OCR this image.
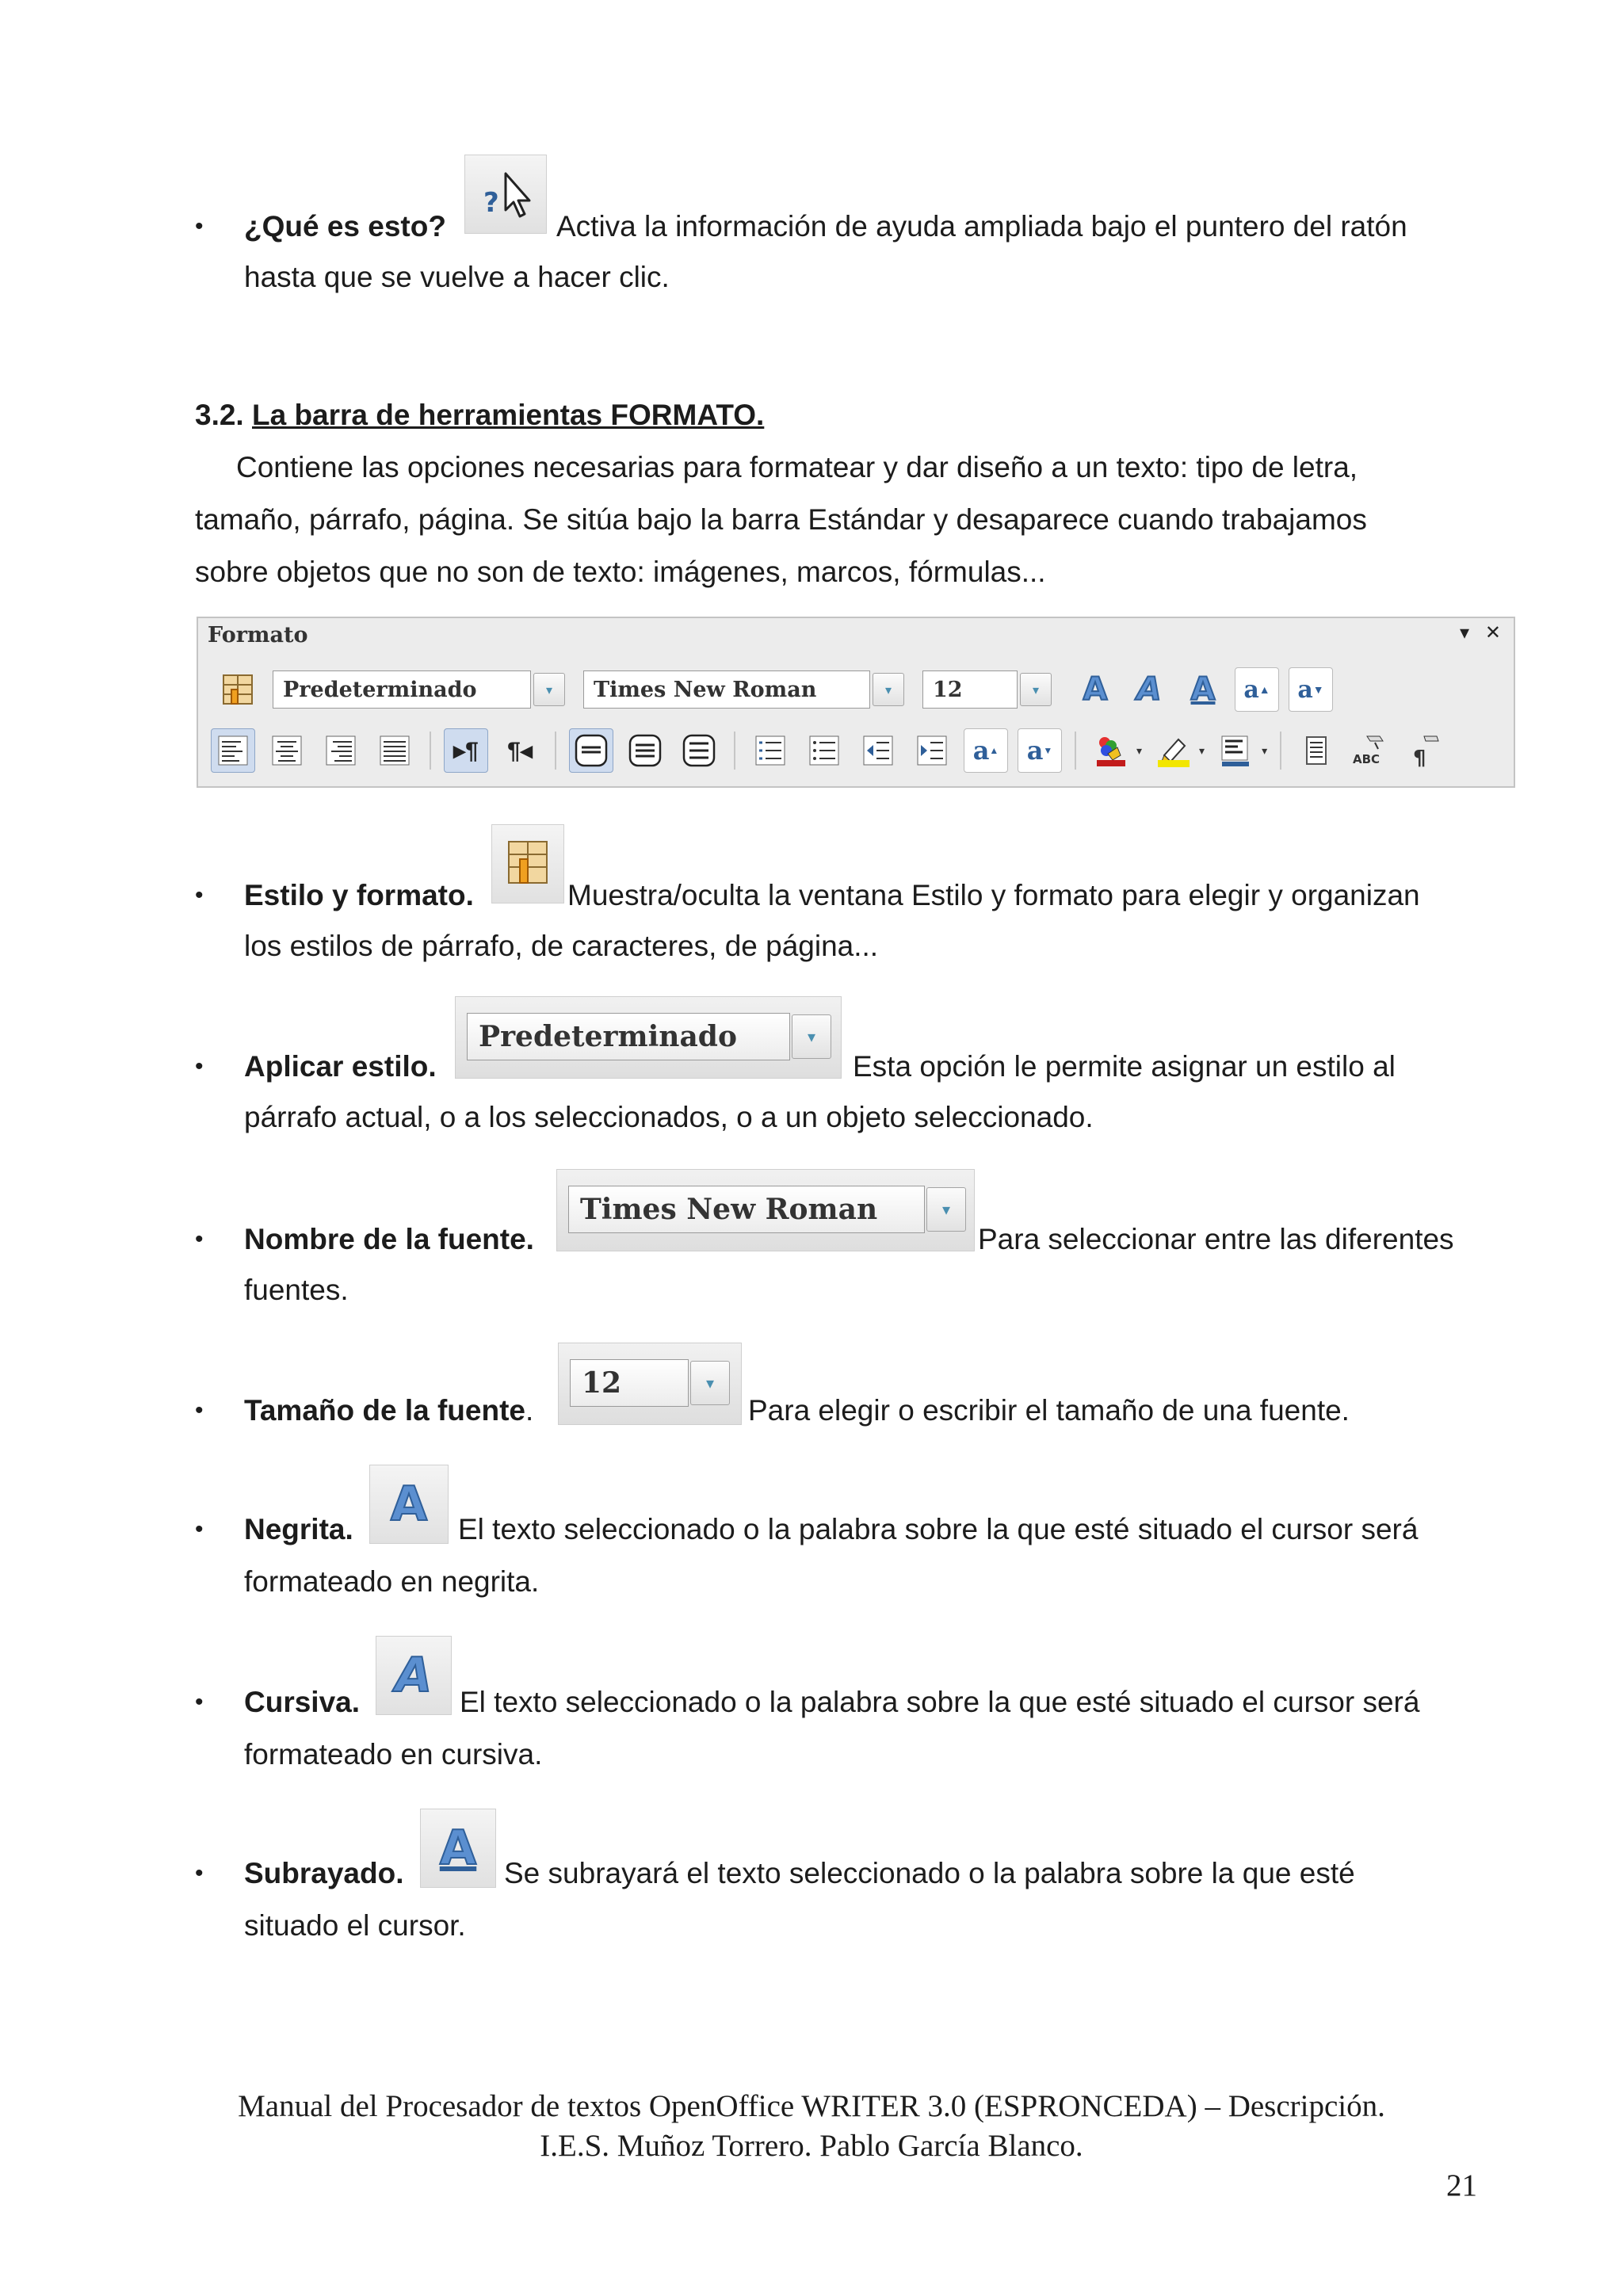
• ¿Qué es esto?
?
Activa la información de ayuda ampliada bajo el puntero del ratón
hasta que se vuelve a hacer clic.
3.2. La barra de herramientas FORMATO.
Contiene las opciones necesarias para formatear y dar diseño a un texto: tipo de letra,
tamaño, párrafo, página. Se sitúa bajo la barra Estándar y desaparece cuando trabajamos
sobre objetos que no son de texto: imágenes, marcos, fórmulas...
Formato	▾ ✕
Predeterminado	▾	Times New Roman	▾	12	▾	A A A a ▲ a ▼
▸¶ ¶◂	a ▲ a ▼	▾	▾	▾
ABC ¶
• Estilo y formato.	Muestra/oculta la ventana Estilo y formato para elegir y organizan
los estilos de párrafo, de caracteres, de página...
• Aplicar estilo.
Predeterminado	▾
Esta opción le permite asignar un estilo al
párrafo actual, o a los seleccionados, o a un objeto seleccionado.
• Nombre de la fuente.
Times New Roman	▾
Para seleccionar entre las diferentes
fuentes.
• Tamaño de la fuente.
12	▾
Para elegir o escribir el tamaño de una fuente.
• Negrita. A El texto seleccionado o la palabra sobre la que esté situado el cursor será
formateado en negrita.
• Cursiva. A El texto seleccionado o la palabra sobre la que esté situado el cursor será
formateado en cursiva.
• Subrayado. A Se subrayará el texto seleccionado o la palabra sobre la que esté
situado el cursor.
Manual del Procesador de textos OpenOffice WRITER 3.0 (ESPRONCEDA) – Descripción.
I.E.S. Muñoz Torrero. Pablo García Blanco.
21
